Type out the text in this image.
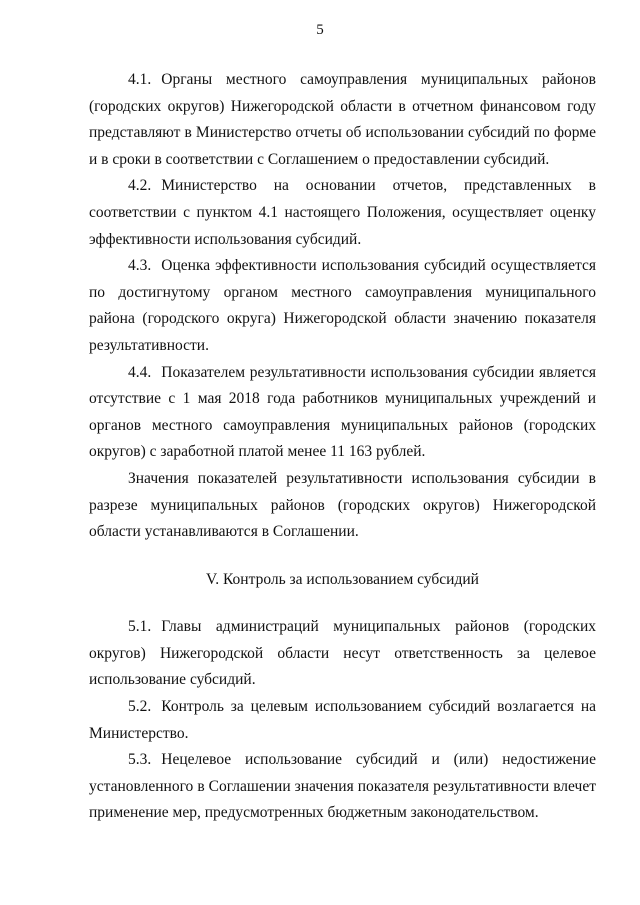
5

4.1. Органы местного самоуправления муниципальных районов (городских округов) Нижегородской области в отчетном финансовом году представляют в Министерство отчеты об использовании субсидий по форме и в сроки в соответствии с Соглашением о предоставлении субсидий.

4.2. Министерство на основании отчетов, представленных в соответствии с пунктом 4.1 настоящего Положения, осуществляет оценку эффективности использования субсидий.

4.3. Оценка эффективности использования субсидий осуществляется по достигнутому органом местного самоуправления муниципального района (городского округа) Нижегородской области значению показателя результативности.

4.4. Показателем результативности использования субсидии является отсутствие с 1 мая 2018 года работников муниципальных учреждений и органов местного самоуправления муниципальных районов (городских округов) с заработной платой менее 11 163 рублей.

Значения показателей результативности использования субсидии в разрезе муниципальных районов (городских округов) Нижегородской области устанавливаются в Соглашении.

V. Контроль за использованием субсидий

5.1. Главы администраций муниципальных районов (городских округов) Нижегородской области несут ответственность за целевое использование субсидий.

5.2. Контроль за целевым использованием субсидий возлагается на Министерство.

5.3. Нецелевое использование субсидий и (или) недостижение установленного в Соглашении значения показателя результативности влечет применение мер, предусмотренных бюджетным законодательством.
